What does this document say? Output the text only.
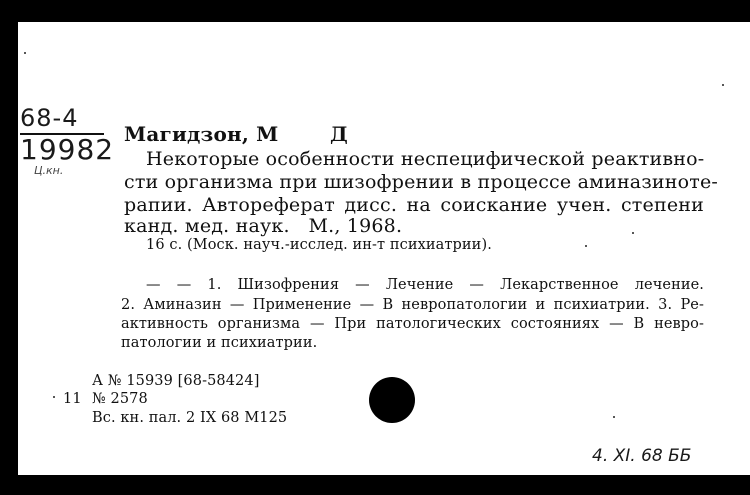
68-4
19982
Ц.кн.
Магидзон, М	Д
Некоторые особенности неспецифической реактивно-
сти организма при шизофрении в процессе аминазиноте-
рапии. Автореферат дисс. на соискание учен. степени
канд. мед. наук.   М., 1968.
16 с. (Моск. науч.-исслед. ин-т психиатрии).
— — 1. Шизофрения — Лечение — Лекарственное лечение.
2. Аминазин — Применение — В невропатологии и психиатрии. 3. Ре-
активность организма — При патологических состояниях — В невро-
патологии и психиатрии.
А № 15939 [68-58424]
11 № 2578
Вс. кн. пал. 2 IX 68 М125
4. XI. 68 ББ
